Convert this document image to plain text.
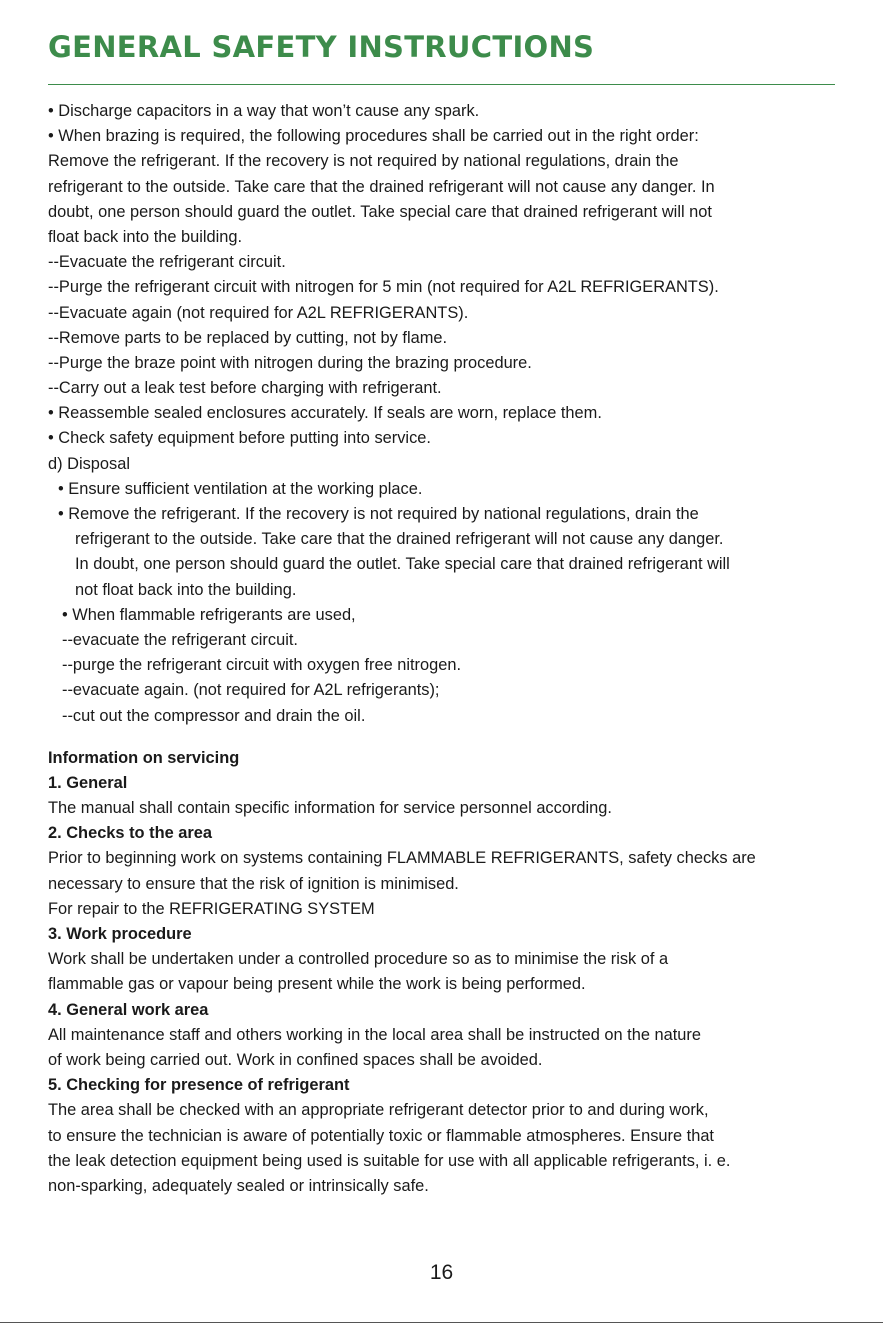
GENERAL SAFETY INSTRUCTIONS
• Discharge capacitors in a way that won’t cause any spark.
• When brazing is required, the following procedures shall be carried out in the right order:
Remove the refrigerant. If the recovery is not required by national regulations, drain the
refrigerant to the outside. Take care that the drained refrigerant will not cause any danger. In
doubt, one person should guard the outlet. Take special care that drained refrigerant will not
float back into the building.
--Evacuate the refrigerant circuit.
--Purge the refrigerant circuit with nitrogen for 5 min (not required for A2L REFRIGERANTS).
--Evacuate again (not required for A2L REFRIGERANTS).
--Remove parts to be replaced by cutting, not by flame.
--Purge the braze point with nitrogen during the brazing procedure.
--Carry out a leak test before charging with refrigerant.
• Reassemble sealed enclosures accurately. If seals are worn, replace them.
• Check safety equipment before putting into service.
d) Disposal
• Ensure sufficient ventilation at the working place.
• Remove the refrigerant. If the recovery is not required by national regulations, drain the
refrigerant to the outside. Take care that the drained refrigerant will not cause any danger.
In doubt, one person should guard the outlet. Take special care that drained refrigerant will
not float back into the building.
• When flammable refrigerants are used,
--evacuate the refrigerant circuit.
--purge the refrigerant circuit with oxygen free nitrogen.
--evacuate again. (not required for A2L refrigerants);
--cut out the compressor and drain the oil.
Information on servicing
1. General
The manual shall contain specific information for service personnel according.
2. Checks to the area
Prior to beginning work on systems containing FLAMMABLE REFRIGERANTS, safety checks are
necessary to ensure that the risk of ignition is minimised.
For repair to the REFRIGERATING SYSTEM
3. Work procedure
Work shall be undertaken under a controlled procedure so as to minimise the risk of a
flammable gas or vapour being present while the work is being performed.
4. General work area
All maintenance staff and others working in the local area shall be instructed on the nature
of work being carried out. Work in confined spaces shall be avoided.
5. Checking for presence of refrigerant
The area shall be checked with an appropriate refrigerant detector prior to and during work,
to ensure the technician is aware of potentially toxic or flammable atmospheres. Ensure that
the leak detection equipment being used is suitable for use with all applicable refrigerants, i. e.
non-sparking, adequately sealed or intrinsically safe.
16
